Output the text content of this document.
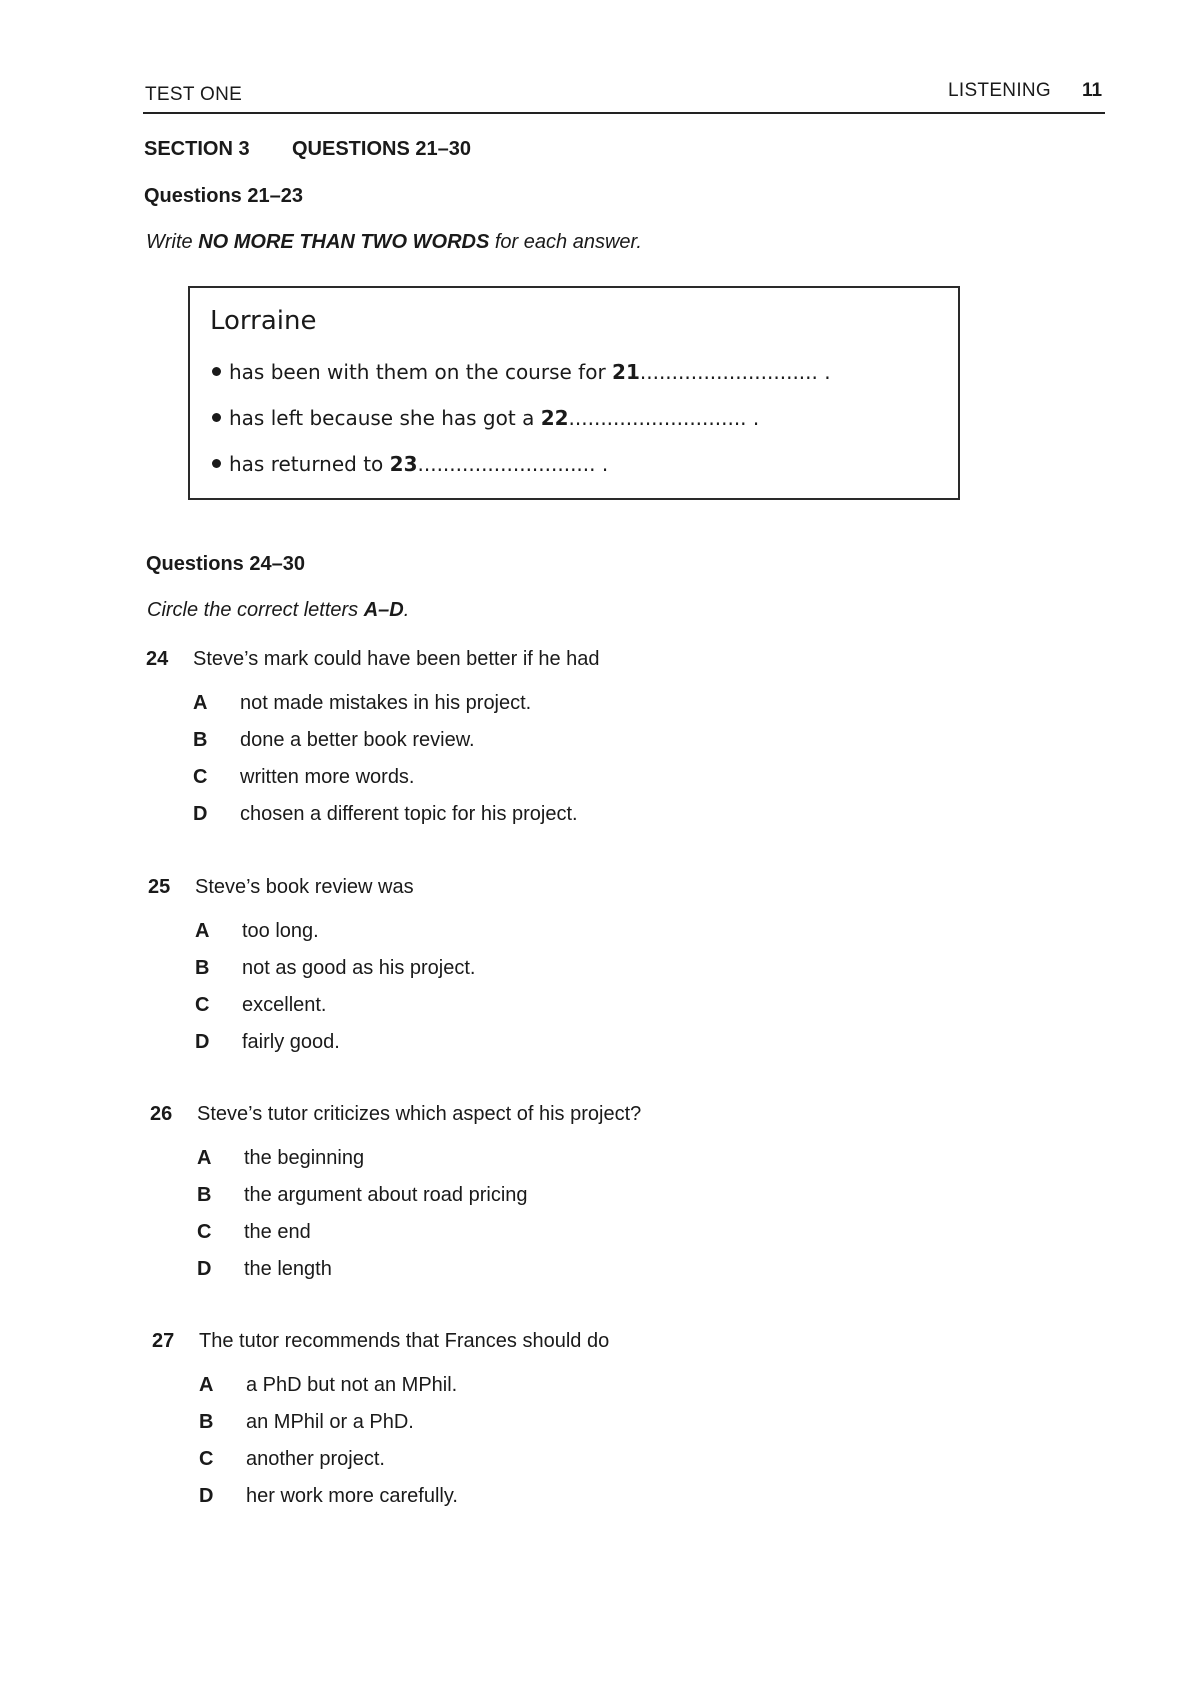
TEST ONE	LISTENING 11
SECTION 3 QUESTIONS 21–30
Questions 21–23
Write NO MORE THAN TWO WORDS for each answer.
Lorraine
has been with them on the course for 21............................ .
has left because she has got a 22............................ .
has returned to 23............................ .
Questions 24–30
Circle the correct letters A–D.
24 Steve’s mark could have been better if he had
A not made mistakes in his project.
B done a better book review.
C written more words.
D chosen a different topic for his project.
25 Steve’s book review was
A too long.
B not as good as his project.
C excellent.
D fairly good.
26 Steve’s tutor criticizes which aspect of his project?
A the beginning
B the argument about road pricing
C the end
D the length
27 The tutor recommends that Frances should do
A a PhD but not an MPhil.
B an MPhil or a PhD.
C another project.
D her work more carefully.
